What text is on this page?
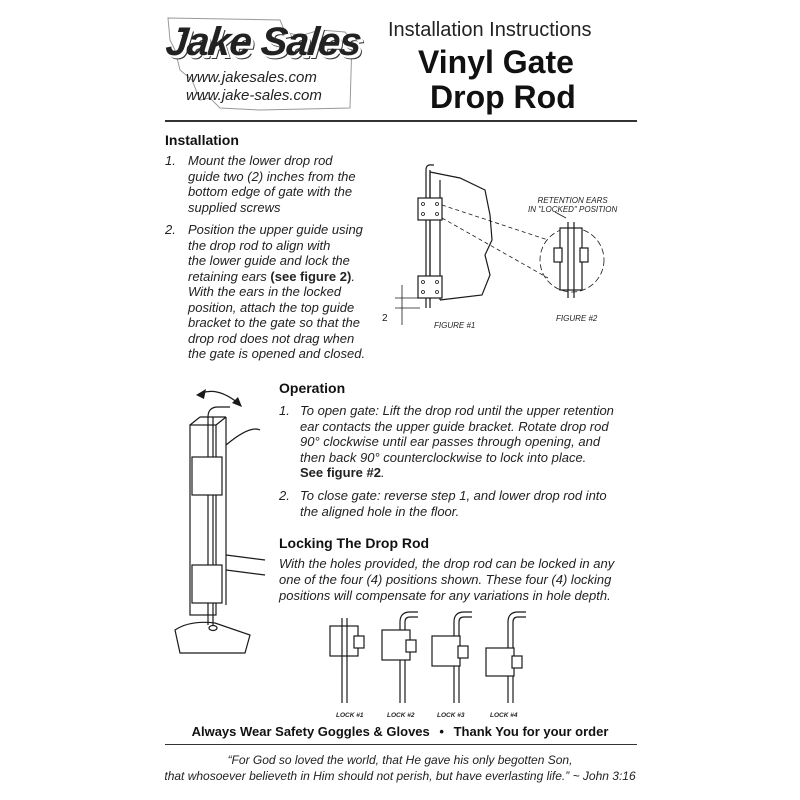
Jake Sales
www.jakesales.com
www.jake-sales.com
Installation Instructions
Vinyl Gate
Drop Rod
Installation
1. Mount the lower drop rod
guide two (2) inches from the
bottom edge of gate with the
supplied screws
2. Position the upper guide using
the drop rod to align with
the lower guide and lock the
retaining ears (see figure 2).
With the ears in the locked
position, attach the top guide
bracket to the gate so that the
drop rod does not drag when
the gate is opened and closed.
RETENTION EARS
IN "LOCKED" POSITION
2
FIGURE #1
FIGURE #2
Operation
1. To open gate: Lift the drop rod until the upper retention
ear contacts the upper guide bracket. Rotate drop rod
90° clockwise until ear passes through opening, and
then back 90° counterclockwise to lock into place.
See figure #2.
2. To close gate: reverse step 1, and lower drop rod into
the aligned hole in the floor.
Locking The Drop Rod
With the holes provided, the drop rod can be locked in any
one of the four (4) positions shown. These four (4) locking
positions will compensate for any variations in hole depth.
LOCK #1	LOCK #2	LOCK #3	LOCK #4
Always Wear Safety Goggles & Gloves • Thank You for your order
“For God so loved the world, that He gave his only begotten Son,
that whosoever believeth in Him should not perish, but have everlasting life.” ~ John 3:16
